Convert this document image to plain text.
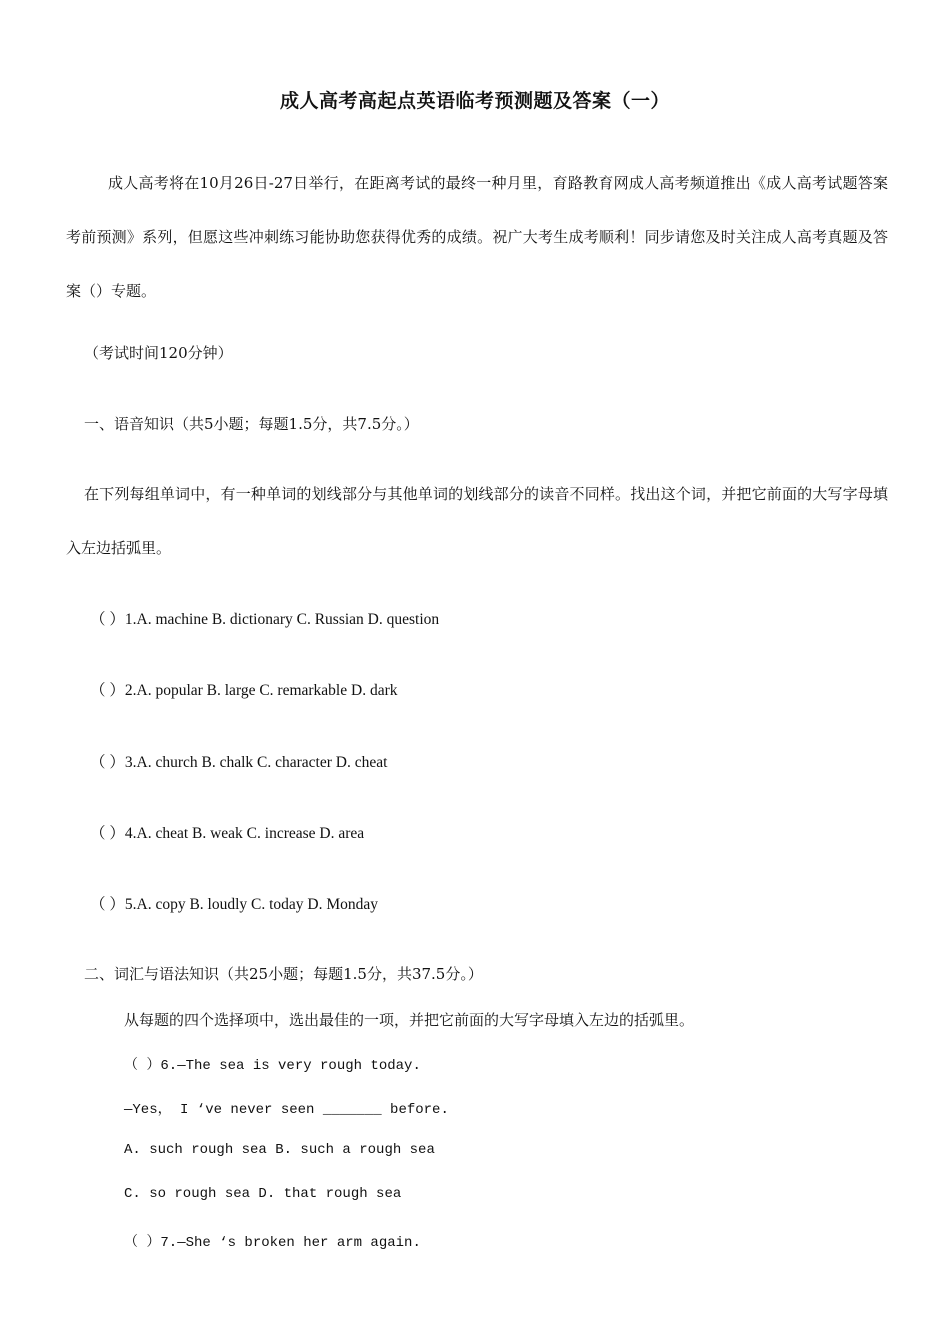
成人高考高起点英语临考预测题及答案（一）
成人高考将在10月26日-27日举行，在距离考试的最终一种月里，育路教育网成人高考频道推出《成人高考试题答案考前预测》系列，但愿这些冲刺练习能协助您获得优秀的成绩。祝广大考生成考顺利！同步请您及时关注成人高考真题及答案（）专题。
（考试时间120分钟）
一、语音知识（共5小题；每题1.5分，共7.5分。）
在下列每组单词中，有一种单词的划线部分与其他单词的划线部分的读音不同样。找出这个词，并把它前面的大写字母填入左边括弧里。
（ ）1.A. machine B. dictionary C. Russian D. question
（ ）2.A. popular B. large C. remarkable D. dark
（ ）3.A. church B. chalk C. character D. cheat
（ ）4.A. cheat B. weak C. increase D. area
（ ）5.A. copy B. loudly C. today D. Monday
二、词汇与语法知识（共25小题；每题1.5分，共37.5分。）
从每题的四个选择项中，选出最佳的一项，并把它前面的大写字母填入左边的括弧里。
（ ）6.—The sea is very rough today.
—Yes， I ‘ve never seen _______ before.
A. such rough sea B. such a rough sea
C. so rough sea D. that rough sea
（ ）7.—She ‘s broken her arm again.
